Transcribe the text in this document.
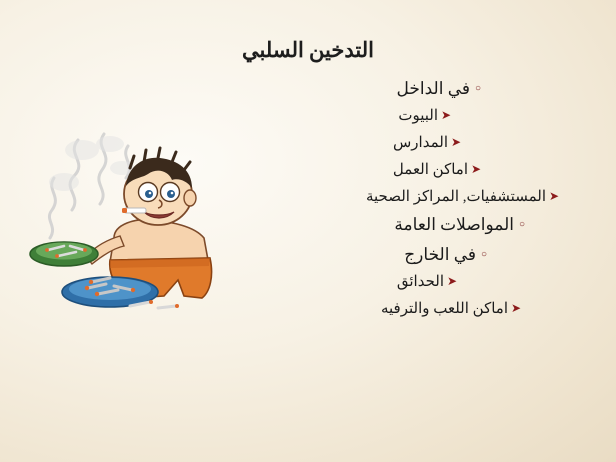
التدخين السلبي
○
في الداخل
➤
البيوت
➤
المدارس
➤
اماكن العمل
➤
المستشفيات, المراكز الصحية
○
المواصلات العامة
○
في الخارج
➤
الحدائق
➤
اماكن اللعب والترفيه
